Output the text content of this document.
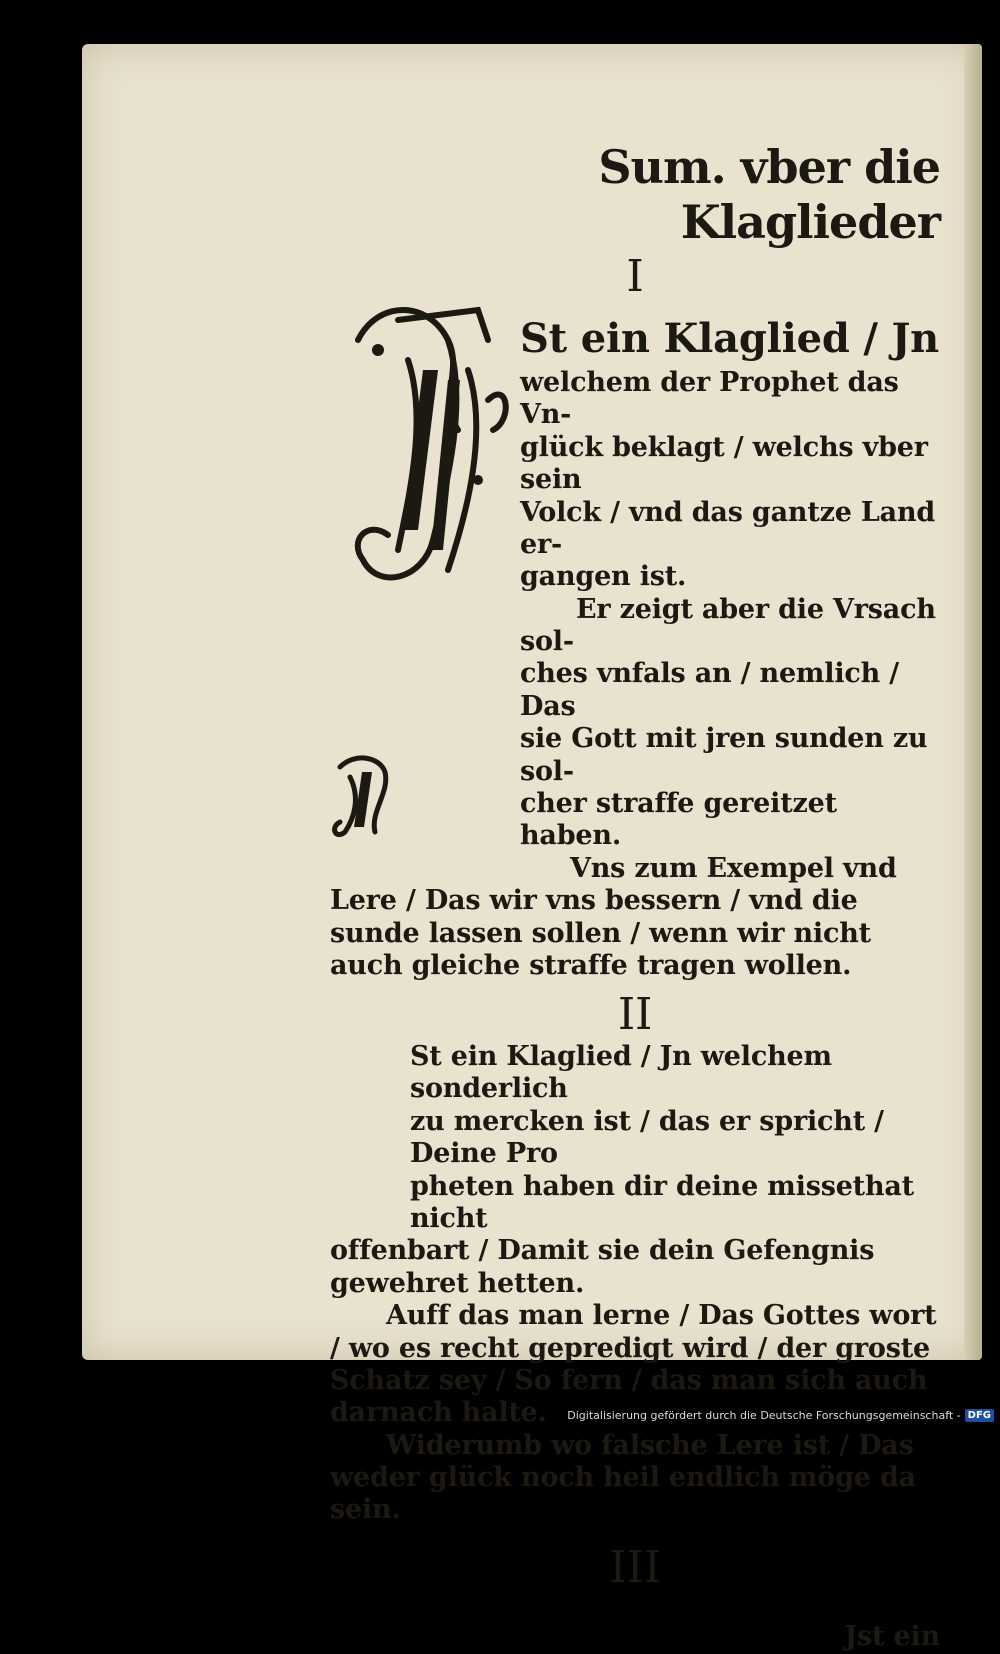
Sum. vber die Klaglieder
I

St ein Klaglied / Jn

welchem der Prophet das Vn-

glück beklagt / welchs vber sein

Volck / vnd das gantze Land er-

gangen ist.

Er zeigt aber die Vrsach sol-

ches vnfals an / nemlich / Das

sie Gott mit jren sunden zu sol-

cher straffe gereitzet haben.

Vns zum Exempel vnd Lere / Das wir vns bessern / vnd die sunde lassen sollen / wenn wir nicht auch gleiche straffe tragen wollen.

II

St ein Klaglied / Jn welchem sonderlich

zu mercken ist / das er spricht / Deine Pro

pheten haben dir deine missethat nicht

offenbart / Damit sie dein Gefengnis gewehret hetten.

Auff das man lerne / Das Gottes wort / wo es recht gepredigt wird / der groste Schatz sey / So fern / das man sich auch darnach halte.

Widerumb wo falsche Lere ist / Das weder glück noch heil endlich möge da sein.

III

Jst ein

Digitalisierung gefördert durch die Deutsche Forschungsgemeinschaft - DFG
